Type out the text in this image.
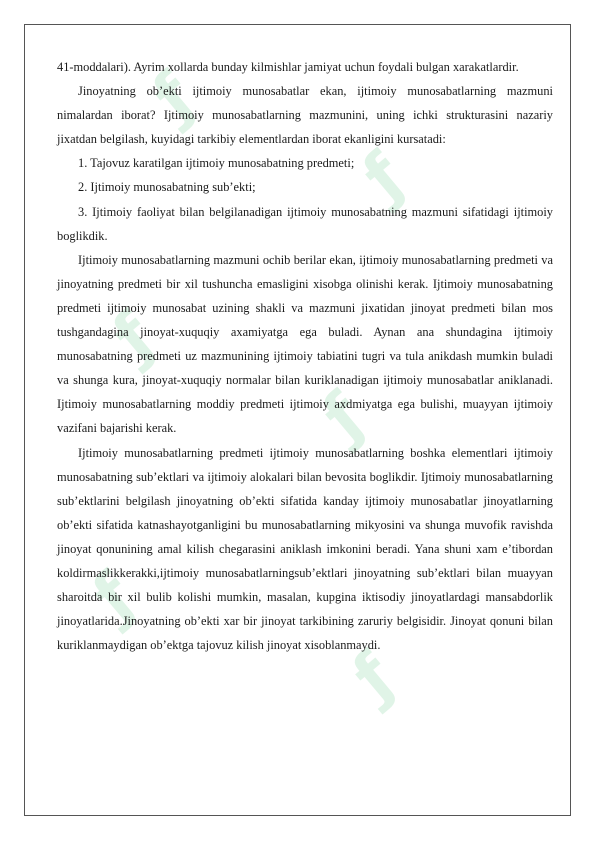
ƒ
ƒ
ƒ
ƒ
ƒ
ƒ

41-moddalari). Ayrim xollarda bunday kilmishlar jamiyat uchun foydali bulgan xarakatlardir.

Jinoyatning ob’ekti ijtimoiy munosabatlar ekan, ijtimoiy munosabatlarning mazmuni nimalardan iborat? Ijtimoiy munosabatlarning mazmunini, uning ichki strukturasini nazariy jixatdan belgilash, kuyidagi tarkibiy elementlardan iborat ekanligini kursatadi:

1. Tajovuz karatilgan ijtimoiy munosabatning predmeti;

2. Ijtimoiy munosabatning sub’ekti;

3. Ijtimoiy faoliyat bilan belgilanadigan ijtimoiy munosabatning mazmuni sifatidagi ijtimoiy boglikdik.

Ijtimoiy munosabatlarning mazmuni ochib berilar ekan, ijtimoiy munosabatlarning predmeti va jinoyatning predmeti bir xil tushuncha emasligini xisobga olinishi kerak. Ijtimoiy munosabatning predmeti ijtimoiy munosabat uzining shakli va mazmuni jixatidan jinoyat predmeti bilan mos tushgandagina jinoyat-xuquqiy axamiyatga ega buladi. Aynan ana shundagina ijtimoiy munosabatning predmeti uz mazmunining ijtimoiy tabiatini tugri va tula anikdash mumkin buladi va shunga kura, jinoyat-xuquqiy normalar bilan kuriklanadigan ijtimoiy munosabatlar aniklanadi. Ijtimoiy munosabatlarning moddiy predmeti ijtimoiy axdmiyatga ega bulishi, muayyan ijtimoiy vazifani bajarishi kerak.

Ijtimoiy munosabatlarning predmeti ijtimoiy munosabatlarning boshka elementlari ijtimoiy munosabatning sub’ektlari va ijtimoiy alokalari bilan bevosita boglikdir. Ijtimoiy munosabatlarning sub’ektlarini belgilash jinoyatning ob’ekti sifatida kanday ijtimoiy munosabatlar jinoyatlarning ob’ekti sifatida katnashayotganligini bu munosabatlarning mikyosini va shunga muvofik ravishda jinoyat qonunining amal kilish chegarasini aniklash imkonini beradi. Yana shuni xam e’tibordan koldirmaslikkerakki,ijtimoiy munosabatlarningsub’ektlari jinoyatning sub’ektlari bilan muayyan sharoitda bir xil bulib kolishi mumkin, masalan, kupgina iktisodiy jinoyatlardagi mansabdorlik jinoyatlarida.Jinoyatning ob’ekti xar bir jinoyat tarkibining zaruriy belgisidir. Jinoyat qonuni bilan kuriklanmaydigan ob’ektga tajovuz kilish jinoyat xisoblanmaydi.
